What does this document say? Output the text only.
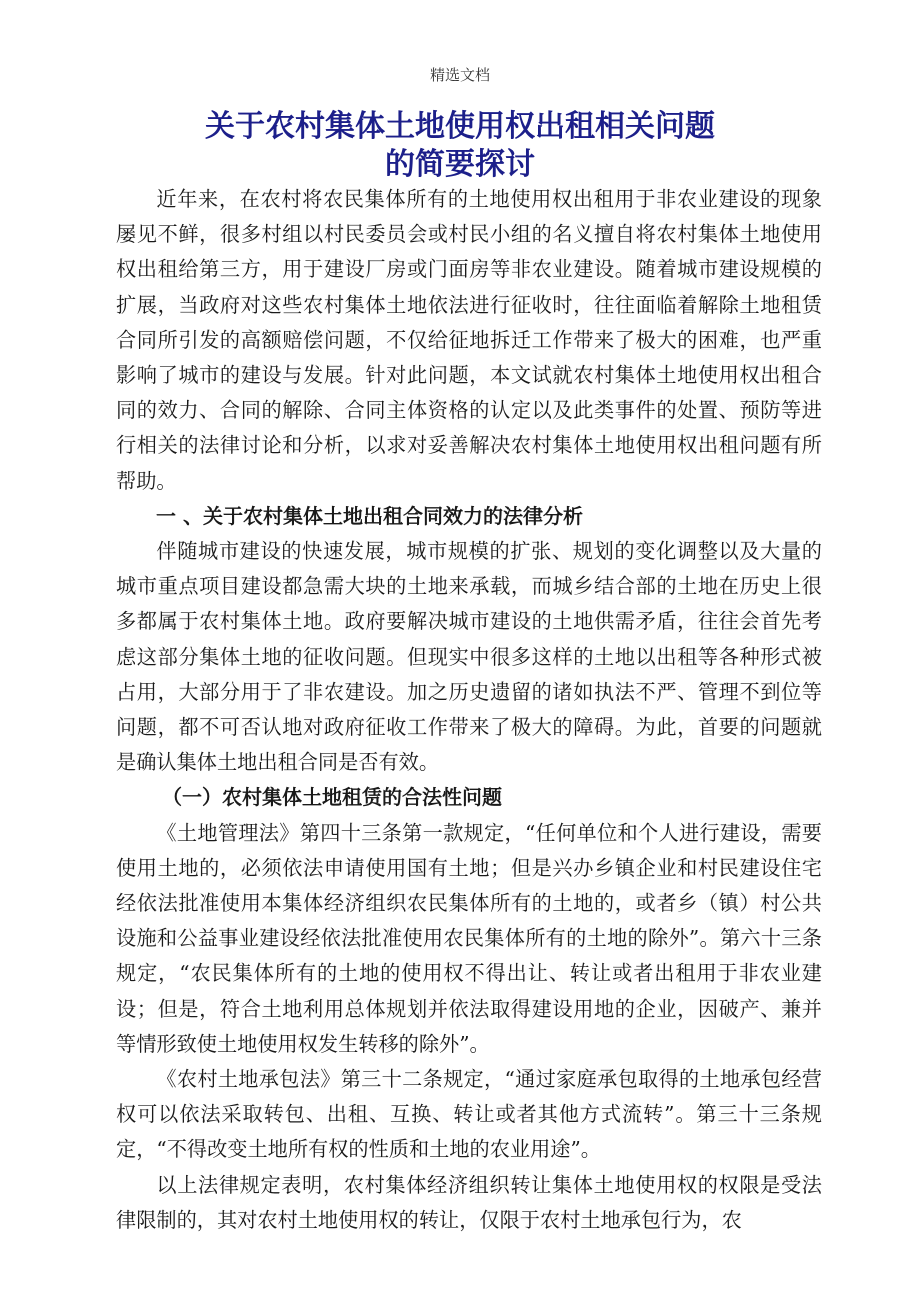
精选文档
关于农村集体土地使用权出租相关问题
的简要探讨

近年来，在农村将农民集体所有的土地使用权出租用于非农业建设的现象屡见不鲜，很多村组以村民委员会或村民小组的名义擅自将农村集体土地使用权出租给第三方，用于建设厂房或门面房等非农业建设。随着城市建设规模的扩展，当政府对这些农村集体土地依法进行征收时，往往面临着解除土地租赁合同所引发的高额赔偿问题，不仅给征地拆迁工作带来了极大的困难，也严重影响了城市的建设与发展。针对此问题，本文试就农村集体土地使用权出租合同的效力、合同的解除、合同主体资格的认定以及此类事件的处置、预防等进行相关的法律讨论和分析，以求对妥善解决农村集体土地使用权出租问题有所帮助。

一 、关于农村集体土地出租合同效力的法律分析

伴随城市建设的快速发展，城市规模的扩张、规划的变化调整以及大量的城市重点项目建设都急需大块的土地来承载，而城乡结合部的土地在历史上很多都属于农村集体土地。政府要解决城市建设的土地供需矛盾，往往会首先考虑这部分集体土地的征收问题。但现实中很多这样的土地以出租等各种形式被占用，大部分用于了非农建设。加之历史遗留的诸如执法不严、管理不到位等问题，都不可否认地对政府征收工作带来了极大的障碍。为此，首要的问题就是确认集体土地出租合同是否有效。

（一）农村集体土地租赁的合法性问题

《土地管理法》第四十三条第一款规定，“任何单位和个人进行建设，需要使用土地的，必须依法申请使用国有土地；但是兴办乡镇企业和村民建设住宅经依法批准使用本集体经济组织农民集体所有的土地的，或者乡（镇）村公共设施和公益事业建设经依法批准使用农民集体所有的土地的除外”。第六十三条规定，“农民集体所有的土地的使用权不得出让、转让或者出租用于非农业建设；但是，符合土地利用总体规划并依法取得建设用地的企业，因破产、兼并等情形致使土地使用权发生转移的除外”。

《农村土地承包法》第三十二条规定，“通过家庭承包取得的土地承包经营权可以依法采取转包、出租、互换、转让或者其他方式流转”。第三十三条规定，“不得改变土地所有权的性质和土地的农业用途”。

以上法律规定表明，农村集体经济组织转让集体土地使用权的权限是受法律限制的，其对农村土地使用权的转让，仅限于农村土地承包行为，农
